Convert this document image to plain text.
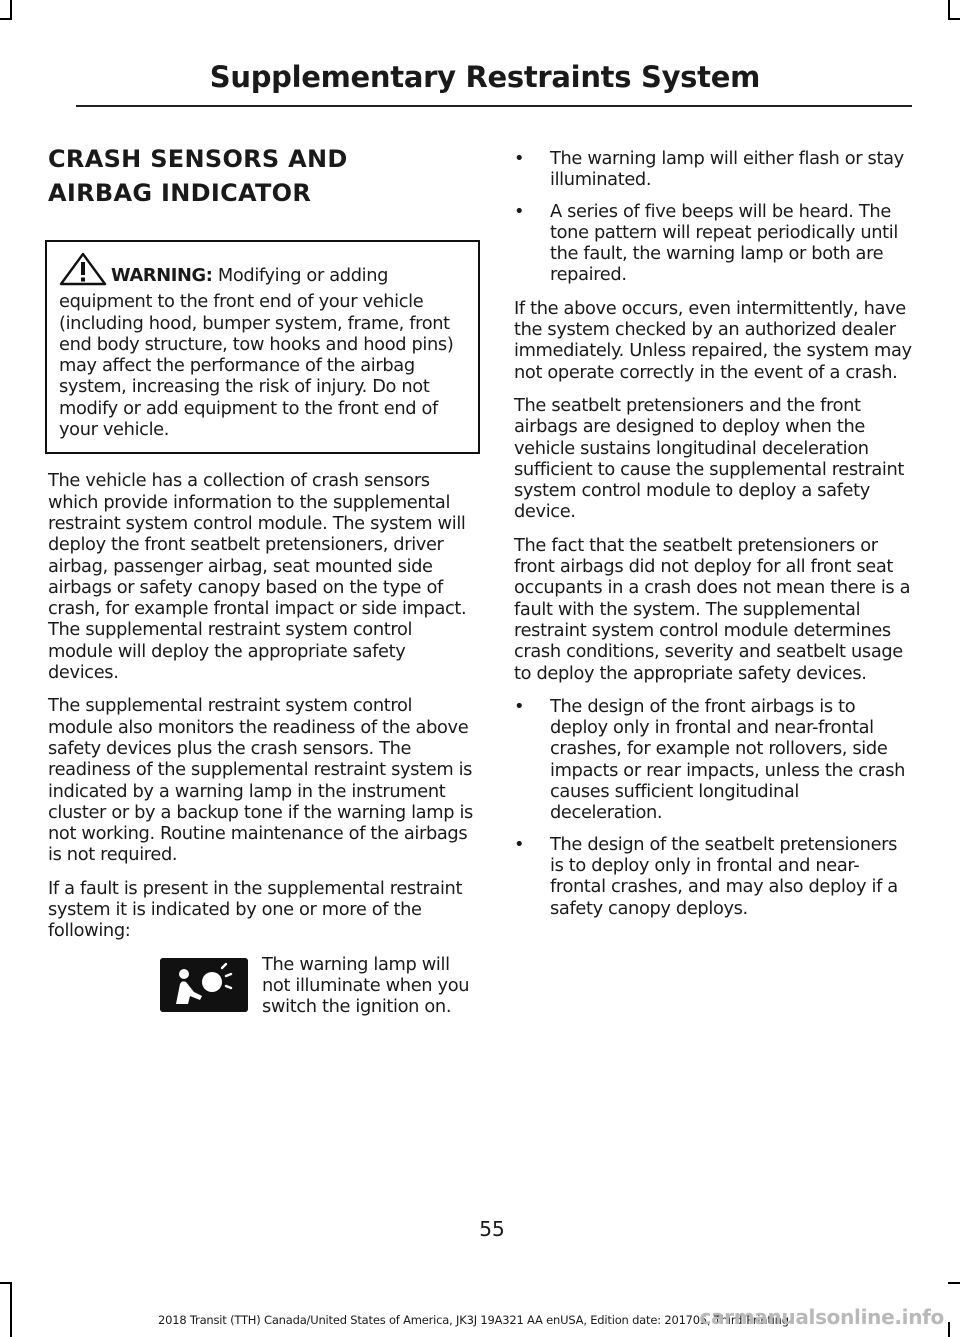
Supplementary Restraints System
CRASH SENSORS AND
AIRBAG INDICATOR

WARNING: Modifying or adding
equipment to the front end of your vehicle (including hood, bumper system, frame, front end body structure, tow hooks and hood pins) may affect the performance of the airbag system, increasing the risk of injury. Do not modify or add equipment to the front end of your vehicle.

The vehicle has a collection of crash sensors which provide information to the supplemental restraint system control module. The system will deploy the front seatbelt pretensioners, driver airbag, passenger airbag, seat mounted side airbags or safety canopy based on the type of crash, for example frontal impact or side impact. The supplemental restraint system control module will deploy the appropriate safety devices.

The supplemental restraint system control module also monitors the readiness of the above safety devices plus the crash sensors. The readiness of the supplemental restraint system is indicated by a warning lamp in the instrument cluster or by a backup tone if the warning lamp is not working. Routine maintenance of the airbags is not required.

If a fault is present in the supplemental restraint system it is indicated by one or more of the following:

The warning lamp will not illuminate when you switch the ignition on.

• The warning lamp will either flash or stay illuminated.
• A series of five beeps will be heard. The tone pattern will repeat periodically until the fault, the warning lamp or both are repaired.

If the above occurs, even intermittently, have the system checked by an authorized dealer immediately. Unless repaired, the system may not operate correctly in the event of a crash.

The seatbelt pretensioners and the front airbags are designed to deploy when the vehicle sustains longitudinal deceleration sufficient to cause the supplemental restraint system control module to deploy a safety device.

The fact that the seatbelt pretensioners or front airbags did not deploy for all front seat occupants in a crash does not mean there is a fault with the system. The supplemental restraint system control module determines crash conditions, severity and seatbelt usage to deploy the appropriate safety devices.

• The design of the front airbags is to deploy only in frontal and near-frontal crashes, for example not rollovers, side impacts or rear impacts, unless the crash causes sufficient longitudinal deceleration.
• The design of the seatbelt pretensioners is to deploy only in frontal and near-frontal crashes, and may also deploy if a safety canopy deploys.
55
2018 Transit (TTH) Canada/United States of America, JK3J 19A321 AA enUSA, Edition date: 201705, Third-Printing-
carmanualsonline.info
